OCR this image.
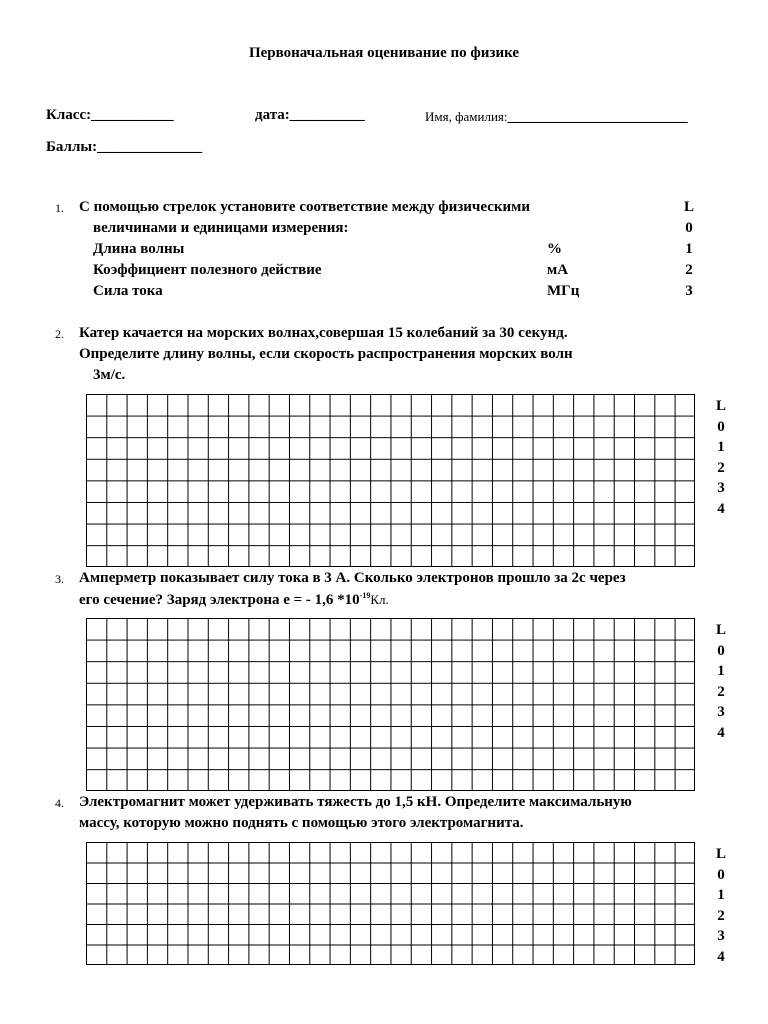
Первоначальная оценивание по физике
Класс:___________	дата:__________	Имя, фамилия:________________________
Баллы:______________
1. С помощью стрелок установите соответствие между физическими
величинами и единицами измерения:
Длина волны
Коэффициент полезного действие
Сила тока
%
мА
МГц
L
0
1
2
3
2. Катер качается на морских волнах,совершая 15 колебаний за 30 секунд.
Определите длину волны, если скорость распространения морских волн
3м/с.
L
0
1
2
3
4
3. Амперметр показывает силу тока в 3 А. Сколько электронов прошло за 2с через
его сечение? Заряд электрона е = - 1,6 $*10^{-19}Кл$.
L
0
1
2
3
4
4. Электромагнит может удерживать тяжесть до 1,5 кН. Определите максимальную
массу, которую можно поднять с помощью этого электромагнита.
L
0
1
2
3
4
